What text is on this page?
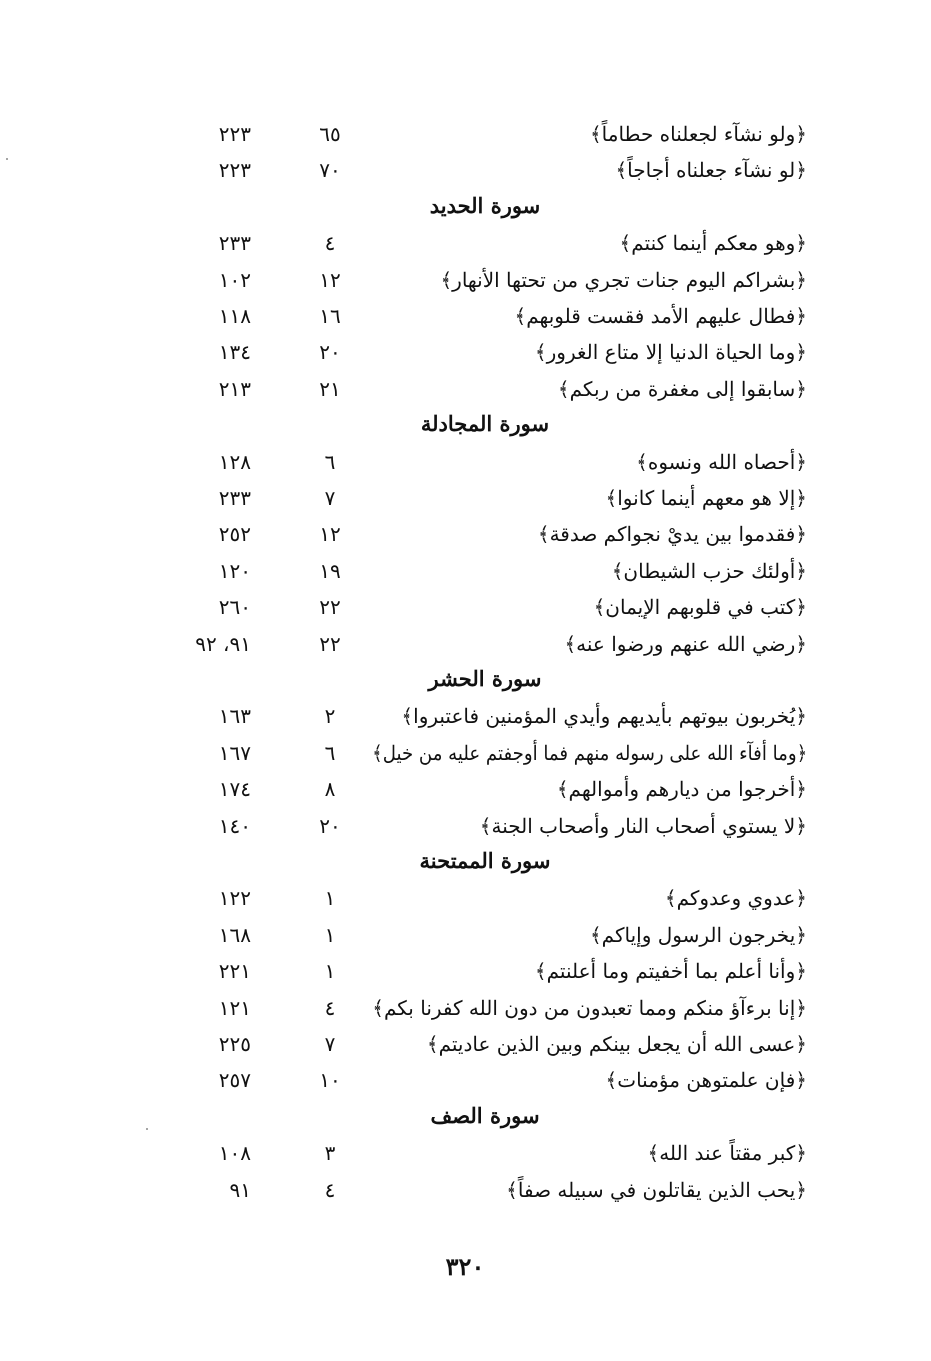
﴿ولو نشآء لجعلناه حطاماً﴾
٦٥
٢٢٣
﴿لو نشآء جعلناه أجاجاً﴾
٧٠
٢٢٣
سورة الحديد
﴿وهو معكم أينما كنتم﴾
٤
٢٣٣
﴿بشراكم اليوم جنات تجري من تحتها الأنهار﴾
١٢
١٠٢
﴿فطال عليهم الأمد فقست قلوبهم﴾
١٦
١١٨
﴿وما الحياة الدنيا إلا متاع الغرور﴾
٢٠
١٣٤
﴿سابقوا إلى مغفرة من ربكم﴾
٢١
٢١٣
سورة المجادلة
﴿أحصاه الله ونسوه﴾
٦
١٢٨
﴿إلا هو معهم أينما كانوا﴾
٧
٢٣٣
﴿فقدموا بين يديْ نجواكم صدقة﴾
١٢
٢٥٢
﴿أولئك حزب الشيطان﴾
١٩
١٢٠
﴿كتب في قلوبهم الإيمان﴾
٢٢
٢٦٠
﴿رضي الله عنهم ورضوا عنه﴾
٢٢
٩١، ٩٢
سورة الحشر
﴿يُخربون بيوتهم بأيديهم وأيدي المؤمنين فاعتبروا﴾
٢
١٦٣
﴿وما أفآء الله على رسوله منهم فما أوجفتم عليه من خيل﴾
٦
١٦٧
﴿أخرجوا من ديارهم وأموالهم﴾
٨
١٧٤
﴿لا يستوي أصحاب النار وأصحاب الجنة﴾
٢٠
١٤٠
سورة الممتحنة
﴿عدوي وعدوكم﴾
١
١٢٢
﴿يخرجون الرسول وإياكم﴾
١
١٦٨
﴿وأنا أعلم بما أخفيتم وما أعلنتم﴾
١
٢٢١
﴿إنا برءآؤ منكم ومما تعبدون من دون الله كفرنا بكم﴾
٤
١٢١
﴿عسى الله أن يجعل بينكم وبين الذين عاديتم﴾
٧
٢٢٥
﴿فإن علمتوهن مؤمنات﴾
١٠
٢٥٧
سورة الصف
﴿كبر مقتاً عند الله﴾
٣
١٠٨
﴿يحب الذين يقاتلون في سبيله صفاً﴾
٤
٩١
٣٢٠
